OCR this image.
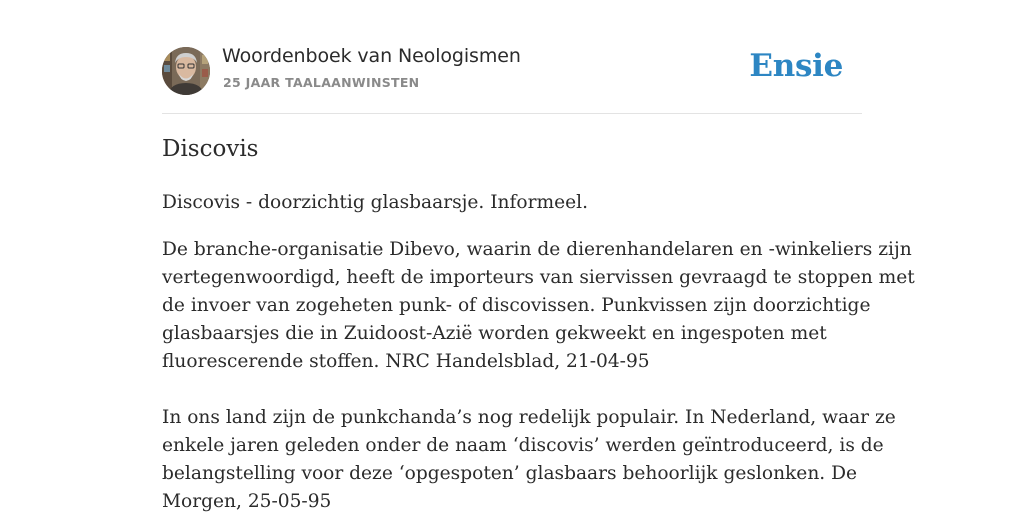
Woordenboek van Neologismen
25 JAAR TAALAANWINSTEN	Ensie
Discovis

Discovis - doorzichtig glasbaarsje. Informeel.

De branche-organisatie Dibevo, waarin de dierenhandelaren en -winkeliers zijn

vertegenwoordigd, heeft de importeurs van siervissen gevraagd te stoppen met

de invoer van zogeheten punk- of discovissen. Punkvissen zijn doorzichtige

glasbaarsjes die in Zuidoost-Azië worden gekweekt en ingespoten met

fluorescerende stoffen. NRC Handelsblad, 21-04-95

In ons land zijn de punkchanda’s nog redelijk populair. In Nederland, waar ze

enkele jaren geleden onder de naam ‘discovis’ werden geïntroduceerd, is de

belangstelling voor deze ‘opgespoten’ glasbaars behoorlijk geslonken. De

Morgen, 25-05-95
